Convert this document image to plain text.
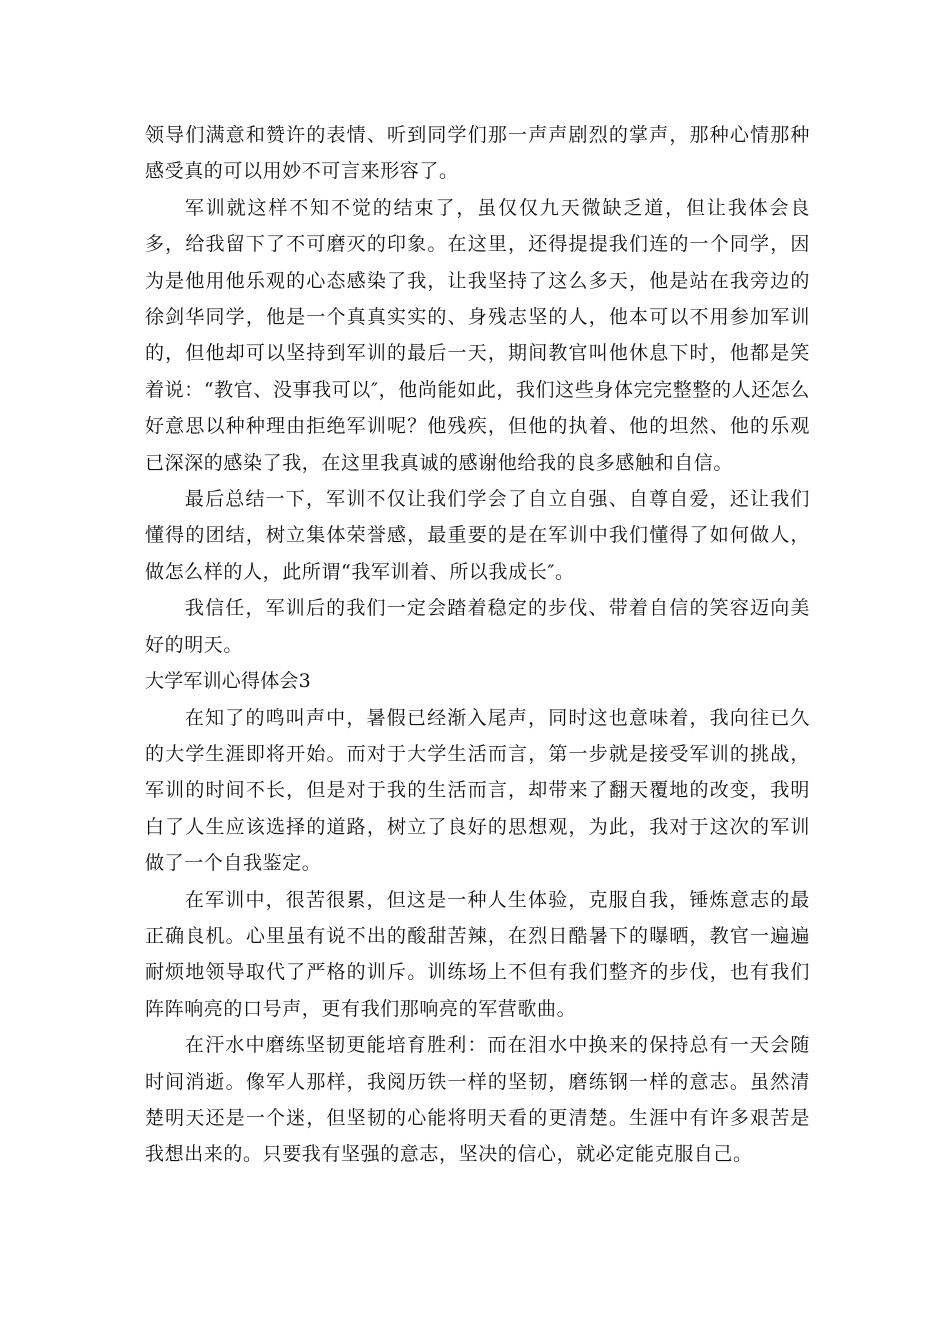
领导们满意和赞许的表情、听到同学们那一声声剧烈的掌声，那种心情那种感受真的可以用妙不可言来形容了。

军训就这样不知不觉的结束了，虽仅仅九天微缺乏道，但让我体会良多，给我留下了不可磨灭的印象。在这里，还得提提我们连的一个同学，因为是他用他乐观的心态感染了我，让我坚持了这么多天，他是站在我旁边的徐剑华同学，他是一个真真实实的、身残志坚的人，他本可以不用参加军训的，但他却可以坚持到军训的最后一天，期间教官叫他休息下时，他都是笑着说：“教官、没事我可以″，他尚能如此，我们这些身体完完整整的人还怎么好意思以种种理由拒绝军训呢？他残疾，但他的执着、他的坦然、他的乐观已深深的感染了我，在这里我真诚的感谢他给我的良多感触和自信。

最后总结一下，军训不仅让我们学会了自立自强、自尊自爱，还让我们懂得的团结，树立集体荣誉感，最重要的是在军训中我们懂得了如何做人，做怎么样的人，此所谓“我军训着、所以我成长″。

我信任，军训后的我们一定会踏着稳定的步伐、带着自信的笑容迈向美好的明天。

大学军训心得体会3

在知了的鸣叫声中，暑假已经渐入尾声，同时这也意味着，我向往已久的大学生涯即将开始。而对于大学生活而言，第一步就是接受军训的挑战，军训的时间不长，但是对于我的生活而言，却带来了翻天覆地的改变，我明白了人生应该选择的道路，树立了良好的思想观，为此，我对于这次的军训做了一个自我鉴定。

在军训中，很苦很累，但这是一种人生体验，克服自我，锤炼意志的最正确良机。心里虽有说不出的酸甜苦辣，在烈日酷暑下的曝晒，教官一遍遍耐烦地领导取代了严格的训斥。训练场上不但有我们整齐的步伐，也有我们阵阵响亮的口号声，更有我们那响亮的军营歌曲。

在汗水中磨练坚韧更能培育胜利：而在泪水中换来的保持总有一天会随时间消逝。像军人那样，我阅历铁一样的坚韧，磨练钢一样的意志。虽然清楚明天还是一个迷，但坚韧的心能将明天看的更清楚。生涯中有许多艰苦是我想出来的。只要我有坚强的意志，坚决的信心，就必定能克服自己。
